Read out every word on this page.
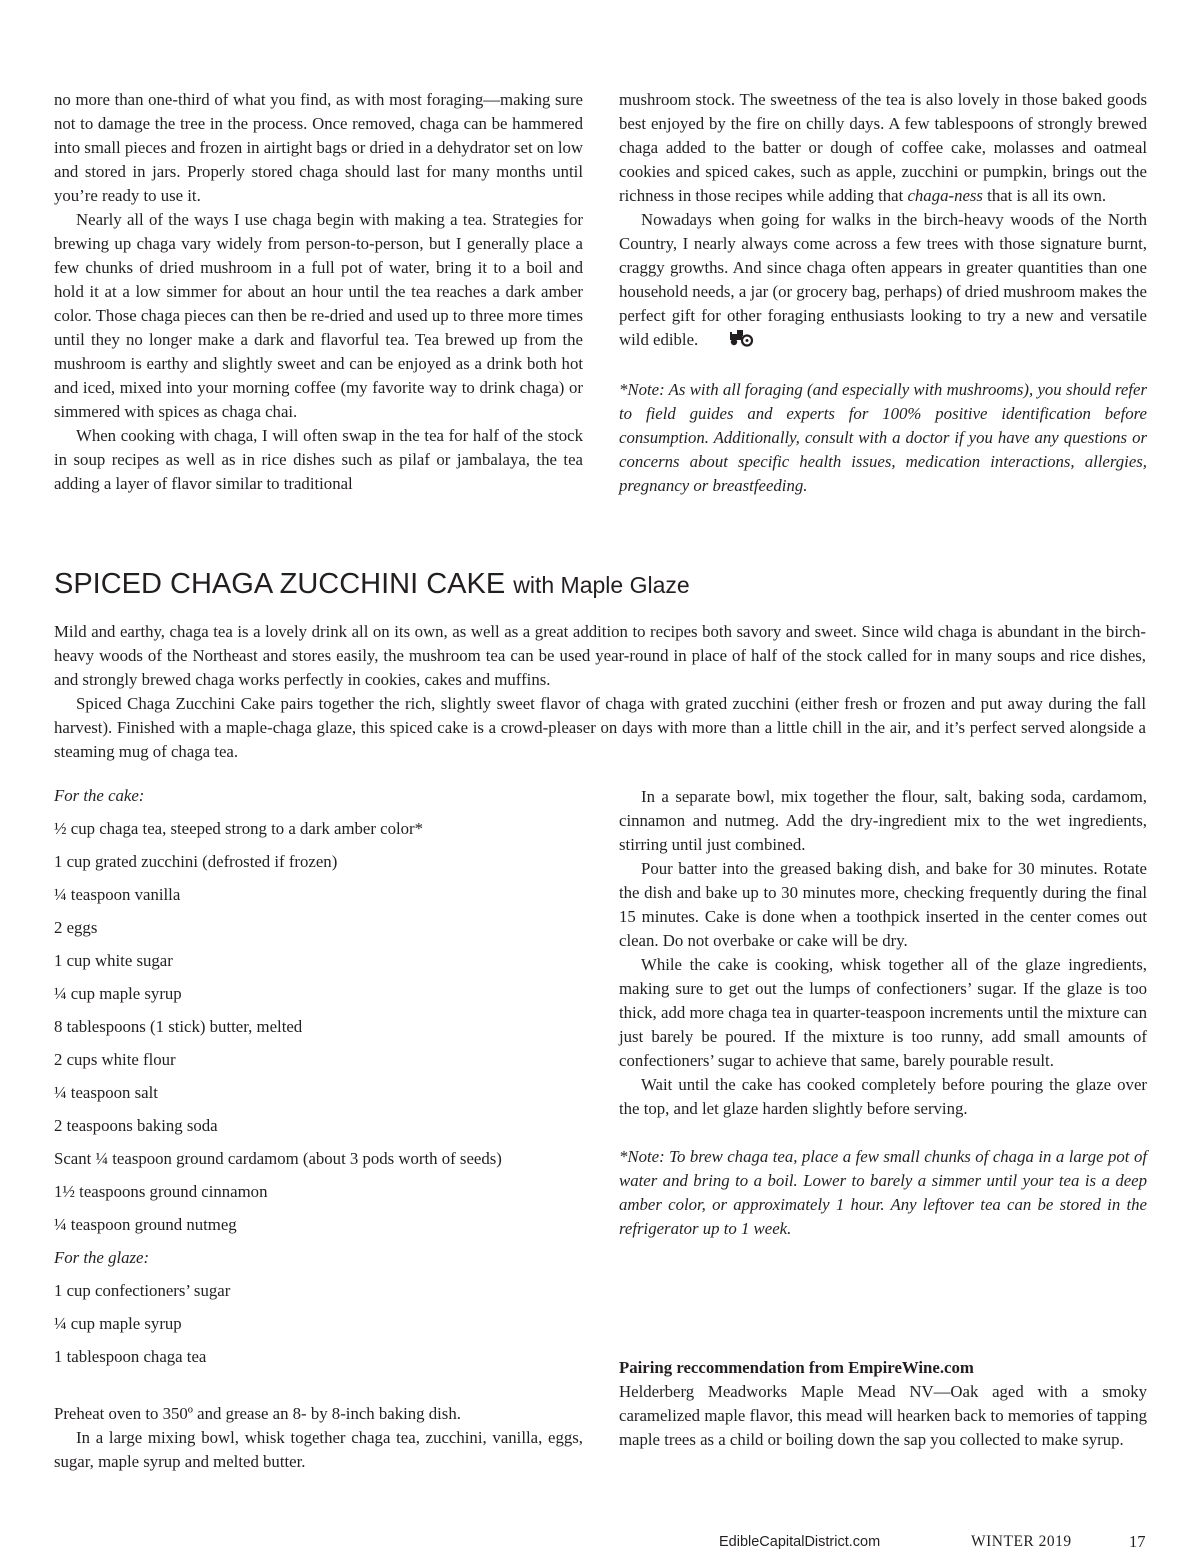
no more than one-third of what you find, as with most foraging—making sure not to damage the tree in the process. Once removed, chaga can be hammered into small pieces and frozen in airtight bags or dried in a dehydrator set on low and stored in jars. Properly stored chaga should last for many months until you’re ready to use it.

Nearly all of the ways I use chaga begin with making a tea. Strategies for brewing up chaga vary widely from person-to-person, but I generally place a few chunks of dried mushroom in a full pot of water, bring it to a boil and hold it at a low simmer for about an hour until the tea reaches a dark amber color. Those chaga pieces can then be re-dried and used up to three more times until they no longer make a dark and flavorful tea. Tea brewed up from the mushroom is earthy and slightly sweet and can be enjoyed as a drink both hot and iced, mixed into your morning coffee (my favorite way to drink chaga) or simmered with spices as chaga chai.

When cooking with chaga, I will often swap in the tea for half of the stock in soup recipes as well as in rice dishes such as pilaf or jambalaya, the tea adding a layer of flavor similar to traditional

mushroom stock. The sweetness of the tea is also lovely in those baked goods best enjoyed by the fire on chilly days. A few tablespoons of strongly brewed chaga added to the batter or dough of coffee cake, molasses and oatmeal cookies and spiced cakes, such as apple, zucchini or pumpkin, brings out the richness in those recipes while adding that chaga-ness that is all its own.

Nowadays when going for walks in the birch-heavy woods of the North Country, I nearly always come across a few trees with those signature burnt, craggy growths. And since chaga often appears in greater quantities than one household needs, a jar (or grocery bag, perhaps) of dried mushroom makes the perfect gift for other foraging enthusiasts looking to try a new and versatile wild edible.

*Note: As with all foraging (and especially with mushrooms), you should refer to field guides and experts for 100% positive identification before consumption. Additionally, consult with a doctor if you have any questions or concerns about specific health issues, medication interactions, allergies, pregnancy or breastfeeding.

SPICED CHAGA ZUCCHINI CAKE with Maple Glaze

Mild and earthy, chaga tea is a lovely drink all on its own, as well as a great addition to recipes both savory and sweet. Since wild chaga is abundant in the birch-heavy woods of the Northeast and stores easily, the mushroom tea can be used year-round in place of half of the stock called for in many soups and rice dishes, and strongly brewed chaga works perfectly in cookies, cakes and muffins.

Spiced Chaga Zucchini Cake pairs together the rich, slightly sweet flavor of chaga with grated zucchini (either fresh or frozen and put away during the fall harvest). Finished with a maple-chaga glaze, this spiced cake is a crowd-pleaser on days with more than a little chill in the air, and it’s perfect served alongside a steaming mug of chaga tea.

For the cake:
½ cup chaga tea, steeped strong to a dark amber color*
1 cup grated zucchini (defrosted if frozen)
¼ teaspoon vanilla
2 eggs
1 cup white sugar
¼ cup maple syrup
8 tablespoons (1 stick) butter, melted
2 cups white flour
¼ teaspoon salt
2 teaspoons baking soda
Scant ¼ teaspoon ground cardamom (about 3 pods worth of seeds)
1½ teaspoons ground cinnamon
¼ teaspoon ground nutmeg
For the glaze:
1 cup confectioners’ sugar
¼ cup maple syrup
1 tablespoon chaga tea

Preheat oven to 350º and grease an 8- by 8-inch baking dish.

In a large mixing bowl, whisk together chaga tea, zucchini, vanilla, eggs, sugar, maple syrup and melted butter.

In a separate bowl, mix together the flour, salt, baking soda, cardamom, cinnamon and nutmeg. Add the dry-ingredient mix to the wet ingredients, stirring until just combined.

Pour batter into the greased baking dish, and bake for 30 minutes. Rotate the dish and bake up to 30 minutes more, checking frequently during the final 15 minutes. Cake is done when a toothpick inserted in the center comes out clean. Do not overbake or cake will be dry.

While the cake is cooking, whisk together all of the glaze ingredients, making sure to get out the lumps of confectioners’ sugar. If the glaze is too thick, add more chaga tea in quarter-teaspoon increments until the mixture can just barely be poured. If the mixture is too runny, add small amounts of confectioners’ sugar to achieve that same, barely pourable result.

Wait until the cake has cooked completely before pouring the glaze over the top, and let glaze harden slightly before serving.

*Note: To brew chaga tea, place a few small chunks of chaga in a large pot of water and bring to a boil. Lower to barely a simmer until your tea is a deep amber color, or approximately 1 hour. Any leftover tea can be stored in the refrigerator up to 1 week.

Pairing reccommendation from EmpireWine.com

Helderberg Meadworks Maple Mead NV—Oak aged with a smoky caramelized maple flavor, this mead will hearken back to memories of tapping maple trees as a child or boiling down the sap you collected to make syrup.

EdibleCapitalDistrict.com	WINTER 2019	17
